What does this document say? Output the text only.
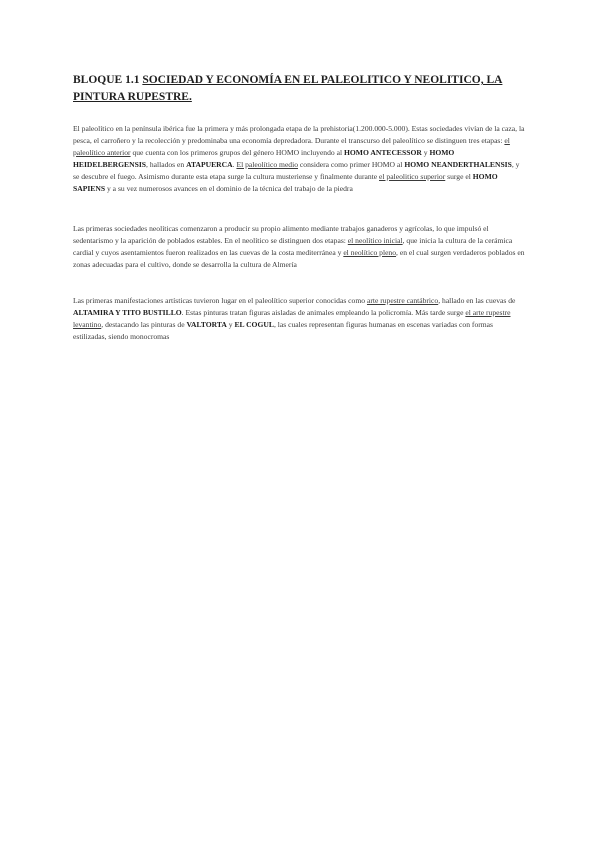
BLOQUE 1.1 SOCIEDAD Y ECONOMÍA EN EL PALEOLITICO Y NEOLITICO, LA PINTURA RUPESTRE.

El paleolítico en la península ibérica fue la primera y más prolongada etapa de la prehistoria(1.200.000-5.000). Estas sociedades vivían de la caza, la pesca, el carroñero y la recolección y predominaba una economía depredadora. Durante el transcurso del paleolítico se distinguen tres etapas: el paleolítico anterior que cuenta con los primeros grupos del género HOMO incluyendo al HOMO ANTECESSOR y HOMO HEIDELBERGENSIS, hallados en ATAPUERCA. El paleolítico medio considera como primer HOMO al HOMO NEANDERTHALENSIS, y se descubre el fuego. Asimismo durante esta etapa surge la cultura musteriense y finalmente durante el paleolitico superior surge el HOMO SAPIENS y a su vez numerosos avances en el dominio de la técnica del trabajo de la piedra

Las primeras sociedades neolíticas comenzaron a producir su propio alimento mediante trabajos ganaderos y agrícolas, lo que impulsó el sedentarismo y la aparición de poblados estables. En el neolítico se distinguen dos etapas: el neolítico inicial, que inicia la cultura de la cerámica cardial y cuyos asentamientos fueron realizados en las cuevas de la costa mediterránea y el neolítico pleno, en el cual surgen verdaderos poblados en zonas adecuadas para el cultivo, donde se desarrolla la cultura de Almería

Las primeras manifestaciones artísticas tuvieron lugar en el paleolítico superior conocidas como arte rupestre cantábrico, hallado en las cuevas de ALTAMIRA Y TITO BUSTILLO. Estas pinturas tratan figuras aisladas de animales empleando la policromía. Más tarde surge el arte rupestre levantino, destacando las pinturas de VALTORTA y EL COGUL, las cuales representan figuras humanas en escenas variadas con formas estilizadas, siendo monocromas
